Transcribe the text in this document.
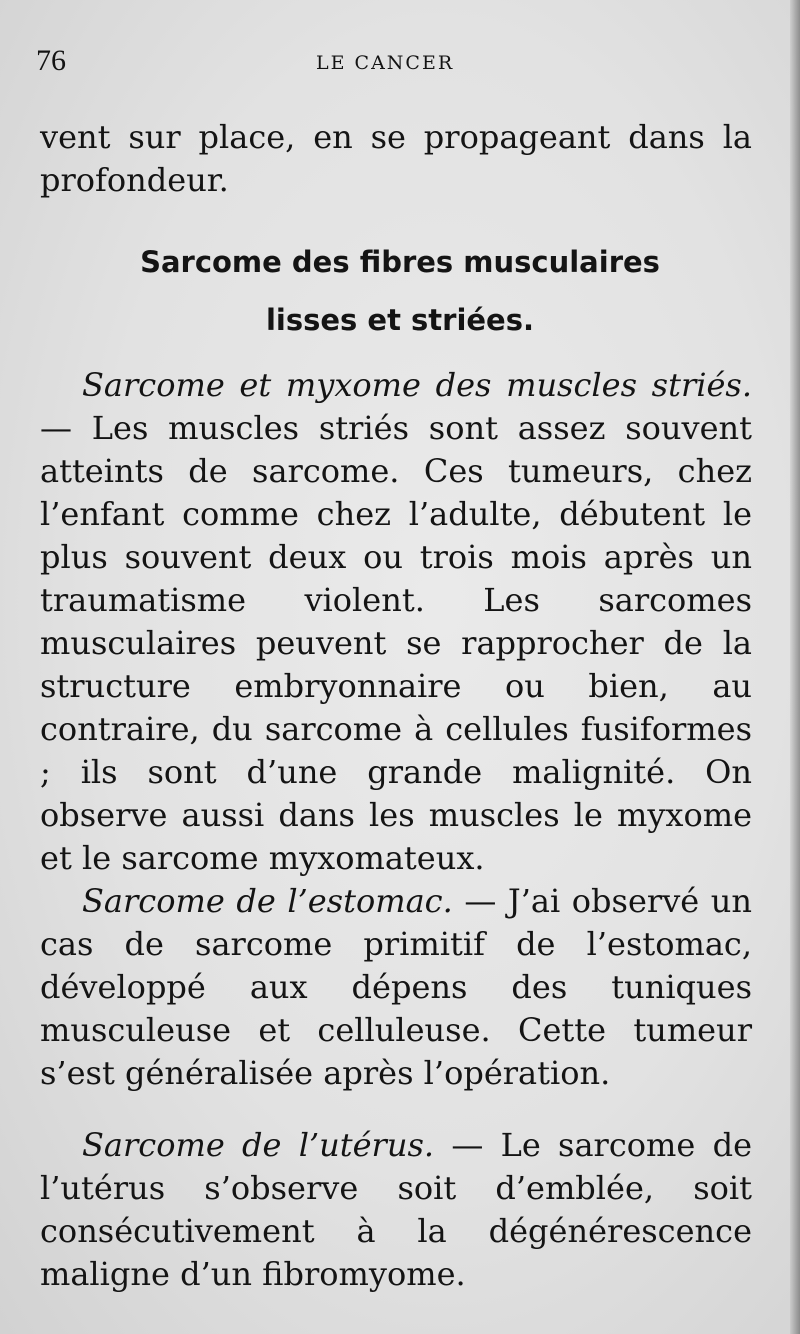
76	LE CANCER

vent sur place, en se propageant dans la profondeur.

Sarcome des fibres musculaires

lisses et striées.

Sarcome et myxome des muscles striés. — Les muscles striés sont assez souvent atteints de sarcome. Ces tumeurs, chez l’enfant comme chez l’adulte, débutent le plus souvent deux ou trois mois après un traumatisme violent. Les sarcomes musculaires peuvent se rapprocher de la structure embryonnaire ou bien, au contraire, du sarcome à cellules fusiformes ; ils sont d’une grande malignité. On observe aussi dans les muscles le myxome et le sarcome myxomateux.

Sarcome de l’estomac. — J’ai observé un cas de sarcome primitif de l’estomac, développé aux dépens des tuniques musculeuse et celluleuse. Cette tumeur s’est généralisée après l’opération.

Sarcome de l’utérus. — Le sarcome de l’utérus s’observe soit d’emblée, soit consécutivement à la dégénérescence maligne d’un fibromyome.
